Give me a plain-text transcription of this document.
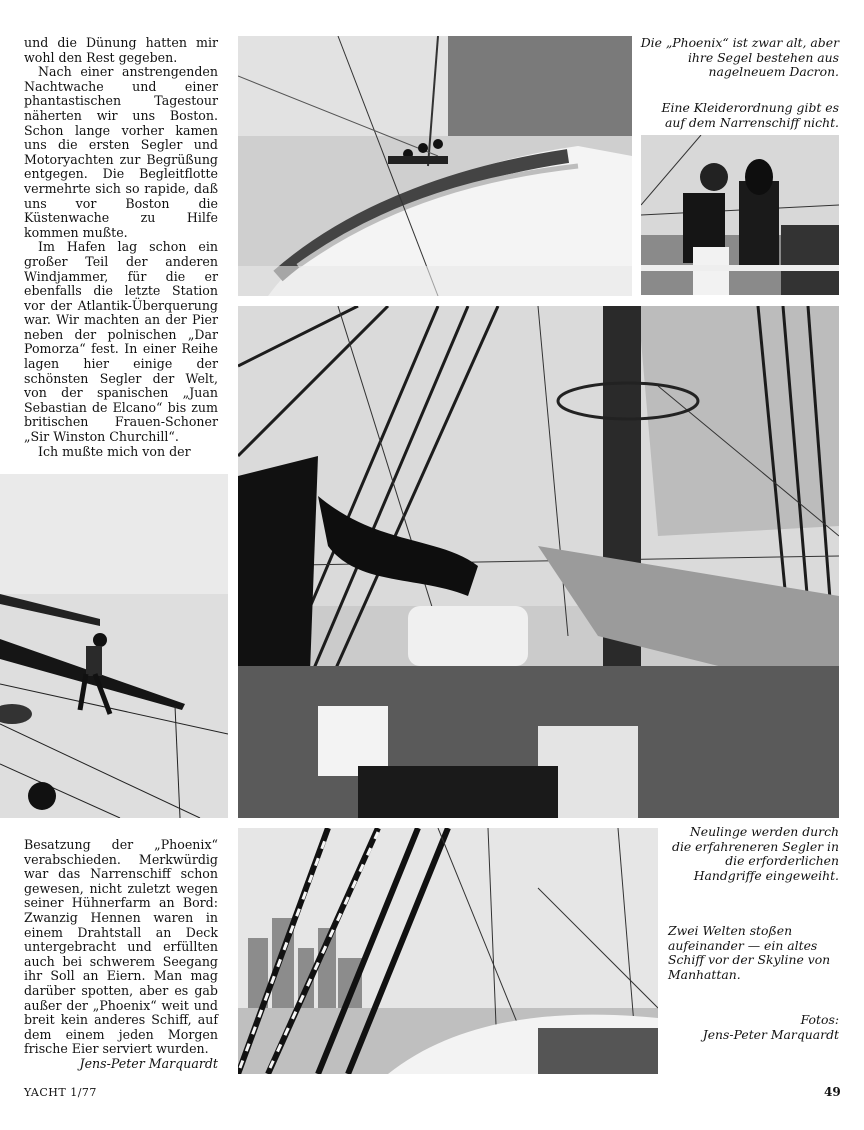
und die Dünung hatten mir wohl den Rest gegeben.

Nach einer anstrengenden Nachtwache und einer phantastischen Tagestour näherten wir uns Boston. Schon lange vorher kamen uns die ersten Segler und Motoryachten zur Begrüßung entgegen. Die Begleitflotte vermehrte sich so rapide, daß uns vor Boston die Küstenwache zu Hilfe kommen mußte.

Im Hafen lag schon ein großer Teil der anderen Windjammer, für die er ebenfalls die letzte Station vor der Atlantik-Überquerung war. Wir machten an der Pier neben der polnischen „Dar Pomorza“ fest. In einer Reihe lagen hier einige der schönsten Segler der Welt, von der spanischen „Juan Sebastian de Elcano“ bis zum britischen Frauen-Schoner „Sir Winston Churchill“.

Ich mußte mich von der

Besatzung der „Phoenix“ verabschieden. Merkwürdig war das Narrenschiff schon gewesen, nicht zuletzt wegen seiner Hühnerfarm an Bord: Zwanzig Hennen waren in einem Drahtstall an Deck untergebracht und erfüllten auch bei schwerem Seegang ihr Soll an Eiern. Man mag darüber spotten, aber es gab außer der „Phoenix“ weit und breit kein anderes Schiff, auf dem einem jeden Morgen frische Eier serviert wurden.

Jens-Peter Marquardt

Die „Phoenix“ ist zwar alt, aber ihre Segel bestehen aus nagelneuem Dacron.
Eine Kleiderordnung gibt es auf dem Narrenschiff nicht.
Neulinge werden durch die erfahreneren Segler in die erforderlichen Handgriffe eingeweiht.
Zwei Welten stoßen aufeinander — ein altes Schiff vor der Skyline von Manhattan.
Fotos:
Jens-Peter Marquardt
YACHT 1/77	49
